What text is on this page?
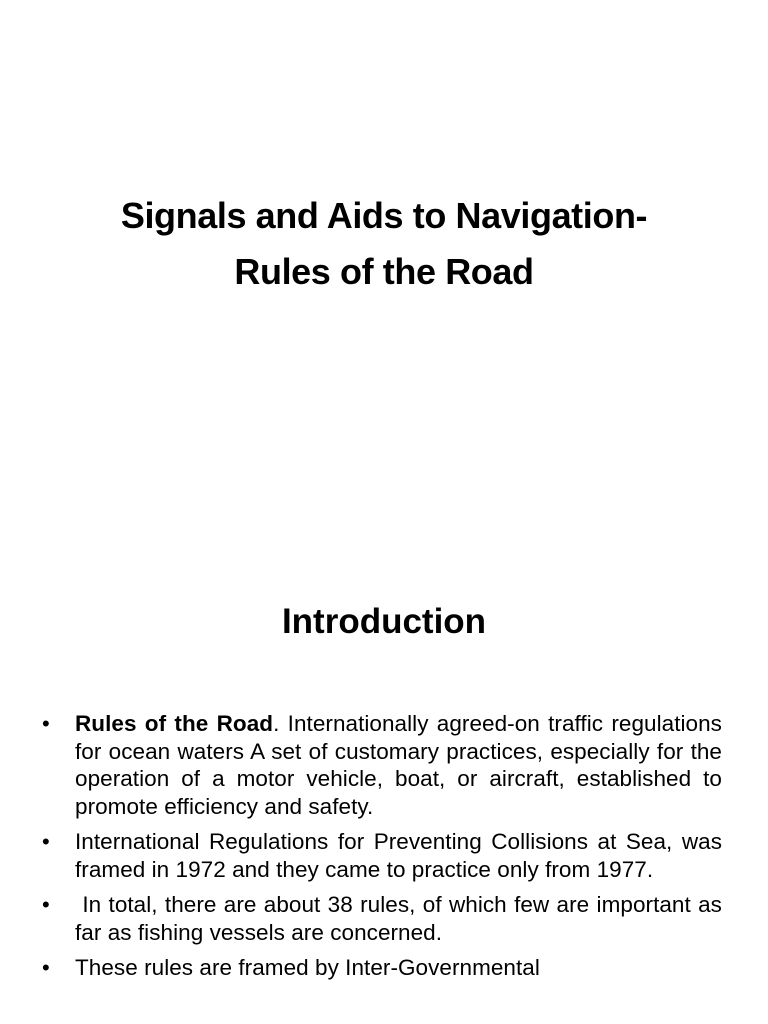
Signals and Aids to Navigation-
Rules of the Road
Introduction
• Rules of the Road. Internationally agreed-on traffic regulations for ocean waters A set of customary practices, especially for the operation of a motor vehicle, boat, or aircraft, established to promote efficiency and safety.
• International Regulations for Preventing Collisions at Sea, was framed in 1972 and they came to practice only from 1977.
• In total, there are about 38 rules, of which few are important as far as fishing vessels are concerned.
• These rules are framed by Inter-Governmental
